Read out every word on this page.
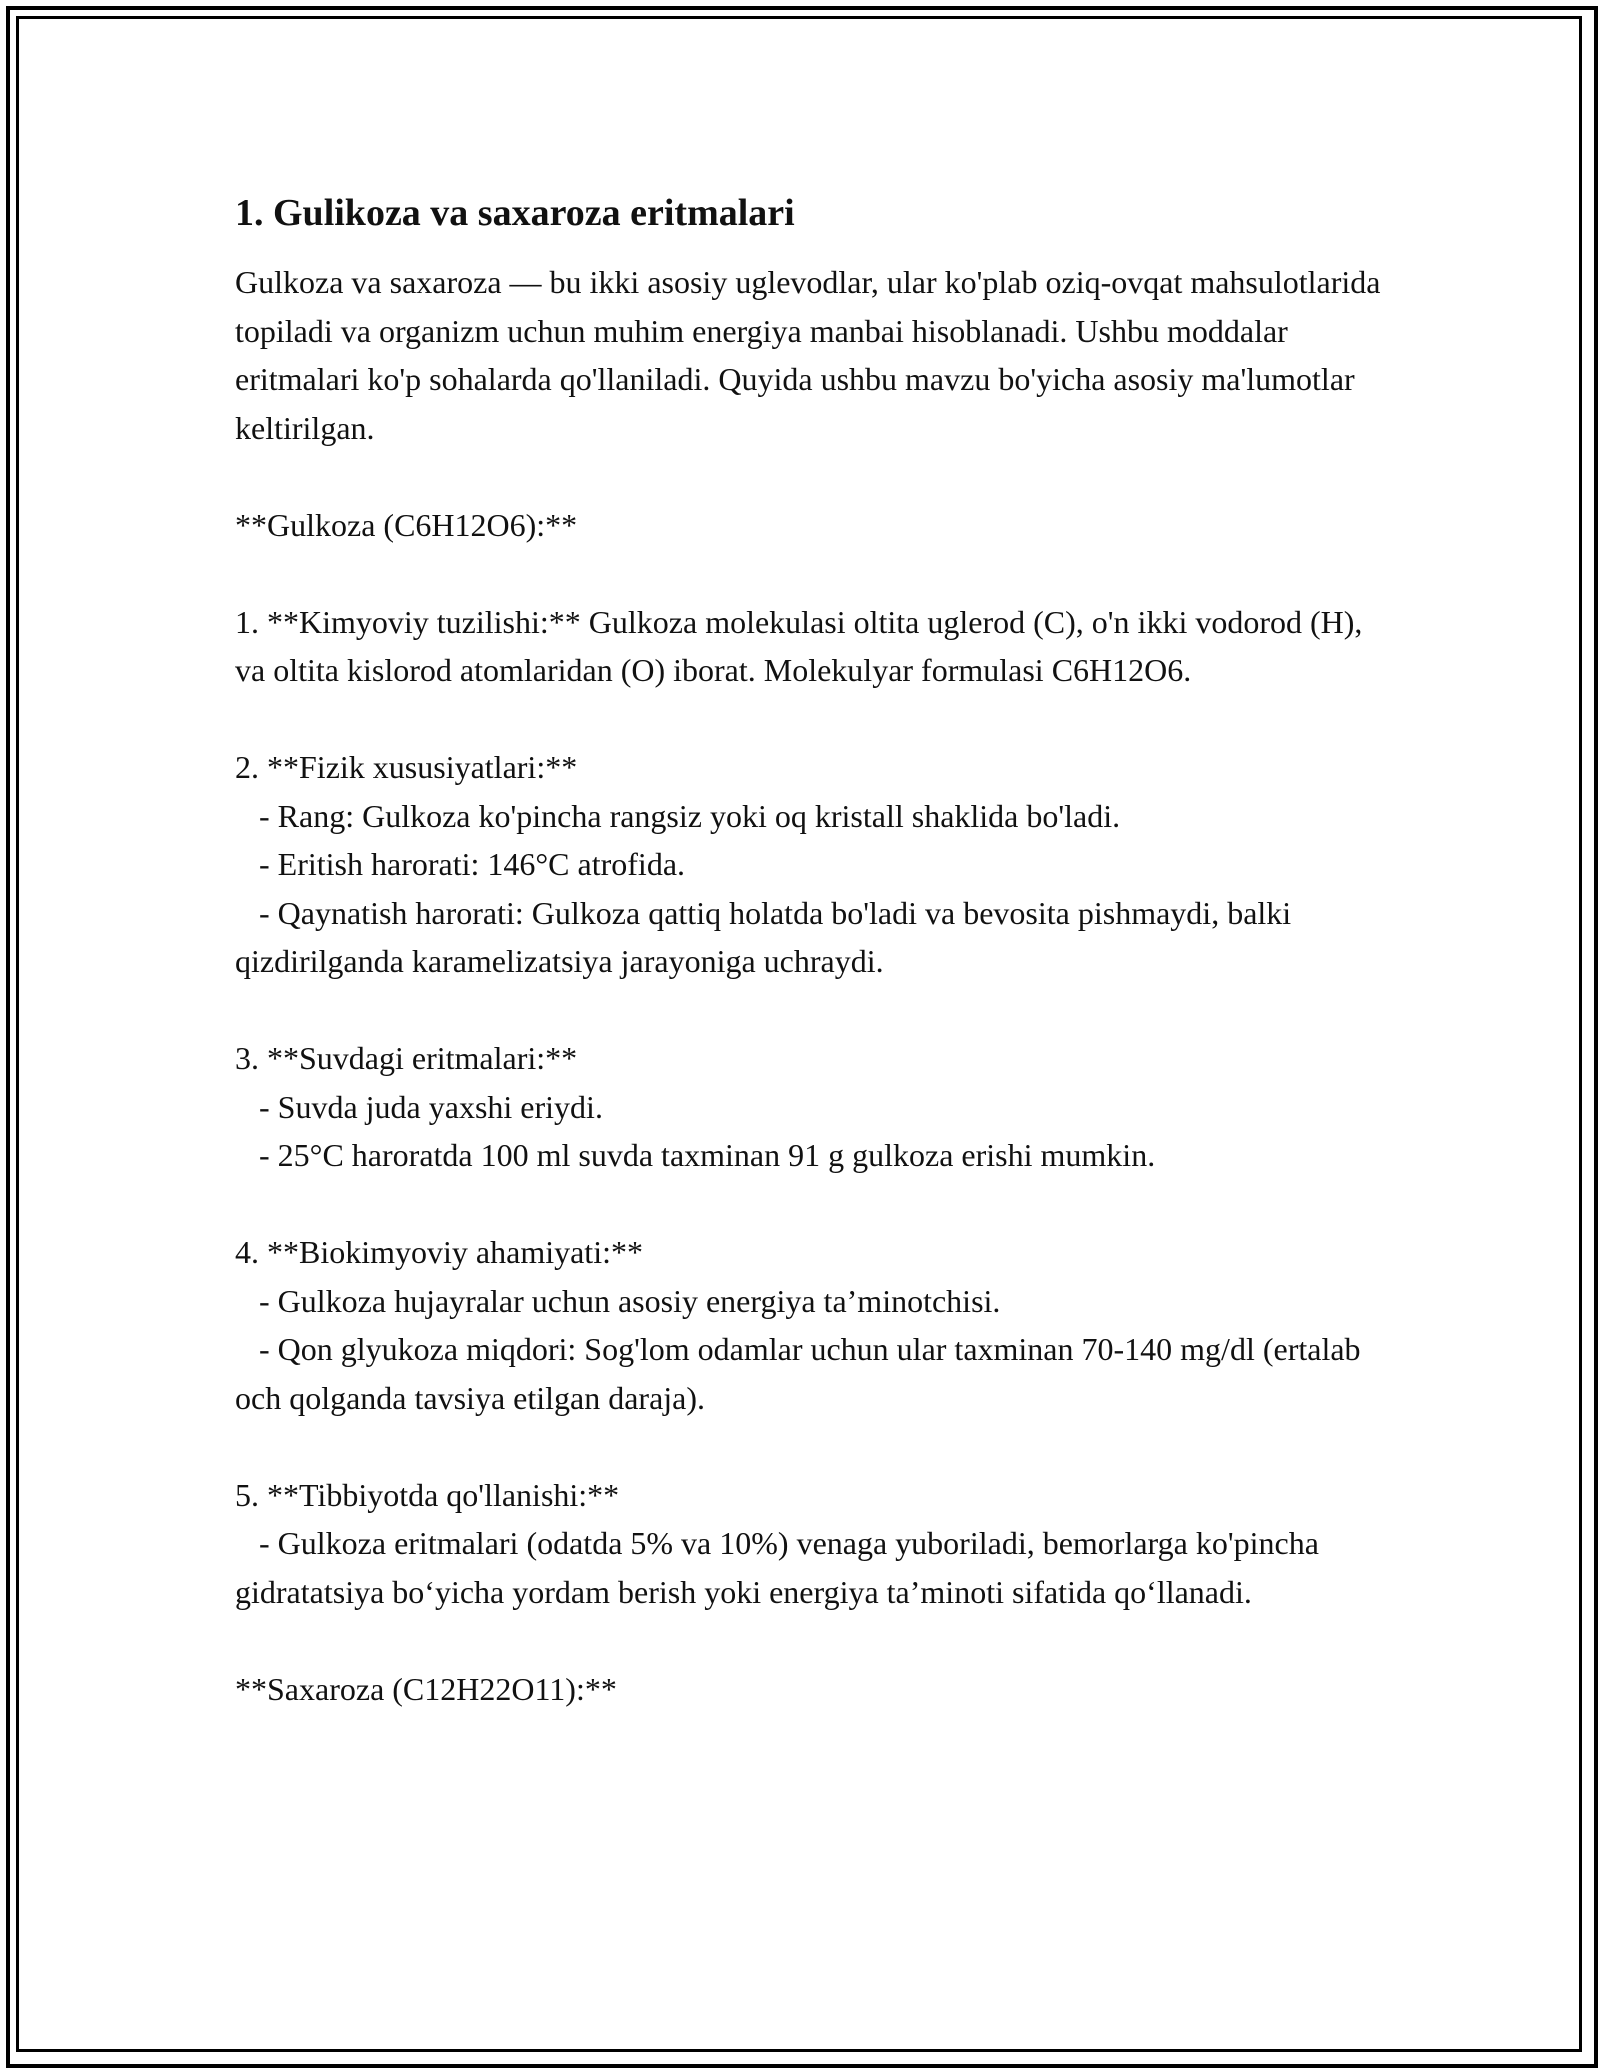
1. Gulikoza va saxaroza eritmalari

Gulkoza va saxaroza — bu ikki asosiy uglevodlar, ular ko'plab oziq-ovqat mahsulotlarida topiladi va organizm uchun muhim energiya manbai hisoblanadi. Ushbu moddalar eritmalari ko'p sohalarda qo'llaniladi. Quyida ushbu mavzu bo'yicha asosiy ma'lumotlar keltirilgan.

**Gulkoza (C6H12O6):**

1. **Kimyoviy tuzilishi:** Gulkoza molekulasi oltita uglerod (C), o'n ikki vodorod (H), va oltita kislorod atomlaridan (O) iborat. Molekulyar formulasi C6H12O6.

2. **Fizik xususiyatlari:**
- Rang: Gulkoza ko'pincha rangsiz yoki oq kristall shaklida bo'ladi.
- Eritish harorati: 146°C atrofida.
- Qaynatish harorati: Gulkoza qattiq holatda bo'ladi va bevosita pishmaydi, balki qizdirilganda karamelizatsiya jarayoniga uchraydi.

3. **Suvdagi eritmalari:**
- Suvda juda yaxshi eriydi.
- 25°C haroratda 100 ml suvda taxminan 91 g gulkoza erishi mumkin.

4. **Biokimyoviy ahamiyati:**
- Gulkoza hujayralar uchun asosiy energiya ta’minotchisi.
- Qon glyukoza miqdori: Sog'lom odamlar uchun ular taxminan 70-140 mg/dl (ertalab och qolganda tavsiya etilgan daraja).

5. **Tibbiyotda qo'llanishi:**
- Gulkoza eritmalari (odatda 5% va 10%) venaga yuboriladi, bemorlarga ko'pincha gidratatsiya bo‘yicha yordam berish yoki energiya ta’minoti sifatida qo‘llanadi.

**Saxaroza (C12H22O11):**
